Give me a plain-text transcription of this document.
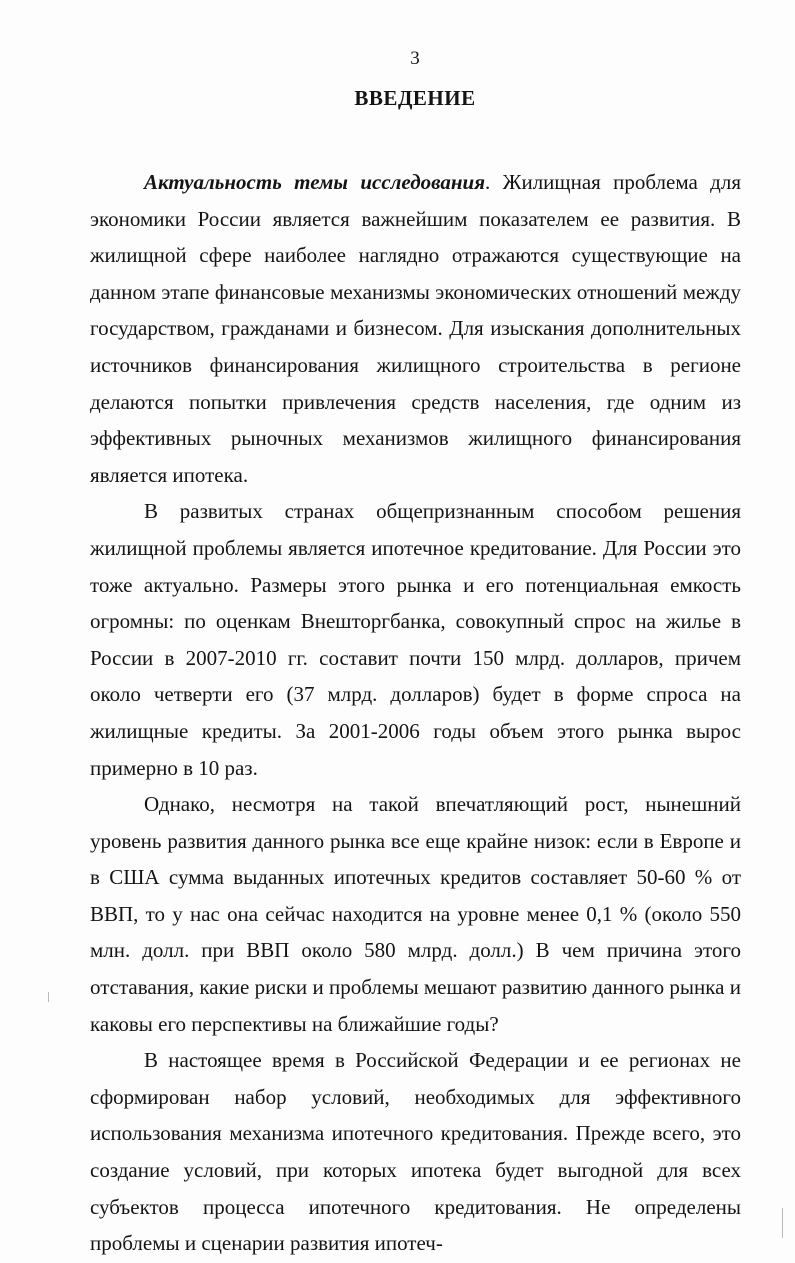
3
ВВЕДЕНИЕ

Актуальность темы исследования. Жилищная проблема для экономики России является важнейшим показателем ее развития. В жилищной сфере наиболее наглядно отражаются существующие на данном этапе финансовые механизмы экономических отношений между государством, гражданами и бизнесом. Для изыскания дополнительных источников финансирования жилищного строительства в регионе делаются попытки привлечения средств населения, где одним из эффективных рыночных механизмов жилищного финансирования является ипотека.

В развитых странах общепризнанным способом решения жилищной проблемы является ипотечное кредитование. Для России это тоже актуально. Размеры этого рынка и его потенциальная емкость огромны: по оценкам Внешторгбанка, совокупный спрос на жилье в России в 2007-2010 гг. составит почти 150 млрд. долларов, причем около четверти его (37 млрд. долларов) будет в форме спроса на жилищные кредиты. За 2001-2006 годы объем этого рынка вырос примерно в 10 раз.

Однако, несмотря на такой впечатляющий рост, нынешний уровень развития данного рынка все еще крайне низок: если в Европе и в США сумма выданных ипотечных кредитов составляет 50-60 % от ВВП, то у нас она сейчас находится на уровне менее 0,1 % (около 550 млн. долл. при ВВП около 580 млрд. долл.) В чем причина этого отставания, какие риски и проблемы мешают развитию данного рынка и каковы его перспективы на ближайшие годы?

В настоящее время в Российской Федерации и ее регионах не сформирован набор условий, необходимых для эффективного использования механизма ипотечного кредитования. Прежде всего, это создание условий, при которых ипотека будет выгодной для всех субъектов процесса ипотечного кредитования. Не определены проблемы и сценарии развития ипотеч-
